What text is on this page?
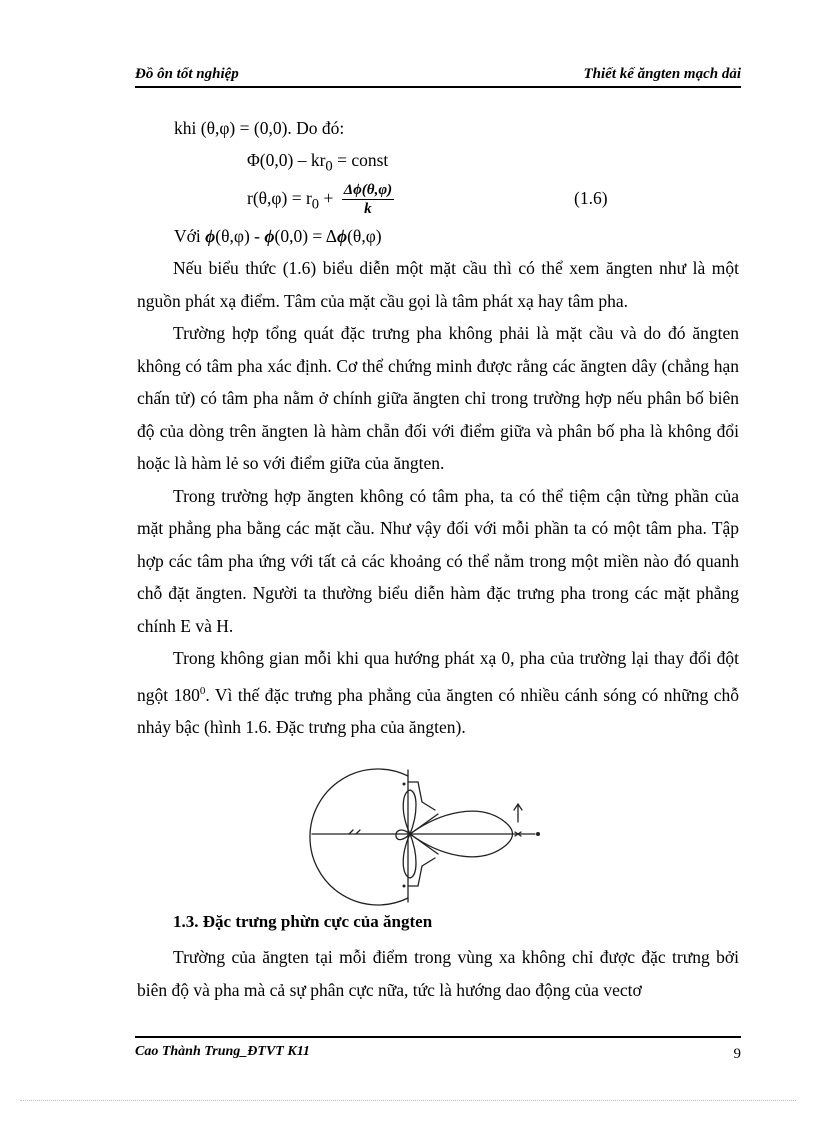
Đồ ôn tốt nghiệp	Thiết kế ăngten mạch dải
khi (θ,φ) = (0,0). Do đó:
$\Phi(0,0) - kr_0$ = const
$r(\theta,\varphi) = r_0 + \frac{\Delta\phi(\theta,\varphi)}{k}$	(1.6)
Với ϕ(θ,φ) - ϕ(0,0) = Δϕ(θ,φ)

Nếu biểu thức (1.6) biểu diễn một mặt cầu thì có thể xem ăngten như là một nguồn phát xạ điểm. Tâm của mặt cầu gọi là tâm phát xạ hay tâm pha.

Trường hợp tổng quát đặc trưng pha không phải là mặt cầu và do đó ăngten không có tâm pha xác định. Cơ thể chứng minh được rằng các ăngten dây (chẳng hạn chấn tử) có tâm pha nằm ở chính giữa ăngten chỉ trong trường hợp nếu phân bố biên độ của dòng trên ăngten là hàm chẵn đối với điểm giữa và phân bố pha là không đổi hoặc là hàm lẻ so với điểm giữa của ăngten.

Trong trường hợp ăngten không có tâm pha, ta có thể tiệm cận từng phần của mặt phẳng pha bằng các mặt cầu. Như vậy đối với mỗi phần ta có một tâm pha. Tập hợp các tâm pha ứng với tất cả các khoảng có thể nằm trong một miền nào đó quanh chỗ đặt ăngten. Người ta thường biểu diễn hàm đặc trưng pha trong các mặt phẳng chính E và H.

Trong không gian mỗi khi qua hướng phát xạ 0, pha của trường lại thay đổi đột ngột $180^0$. Vì thế đặc trưng pha phẳng của ăngten có nhiều cánh sóng có những chỗ nhảy bậc (hình 1.6. Đặc trưng pha của ăngten).

1.3. Đặc trưng phừn cực của ăngten

Trường của ăngten tại mỗi điểm trong vùng xa không chỉ được đặc trưng bởi biên độ và pha mà cả sự phân cực nữa, tức là hướng dao động của vectơ

Cao Thành Trung_ĐTVT K11	9
